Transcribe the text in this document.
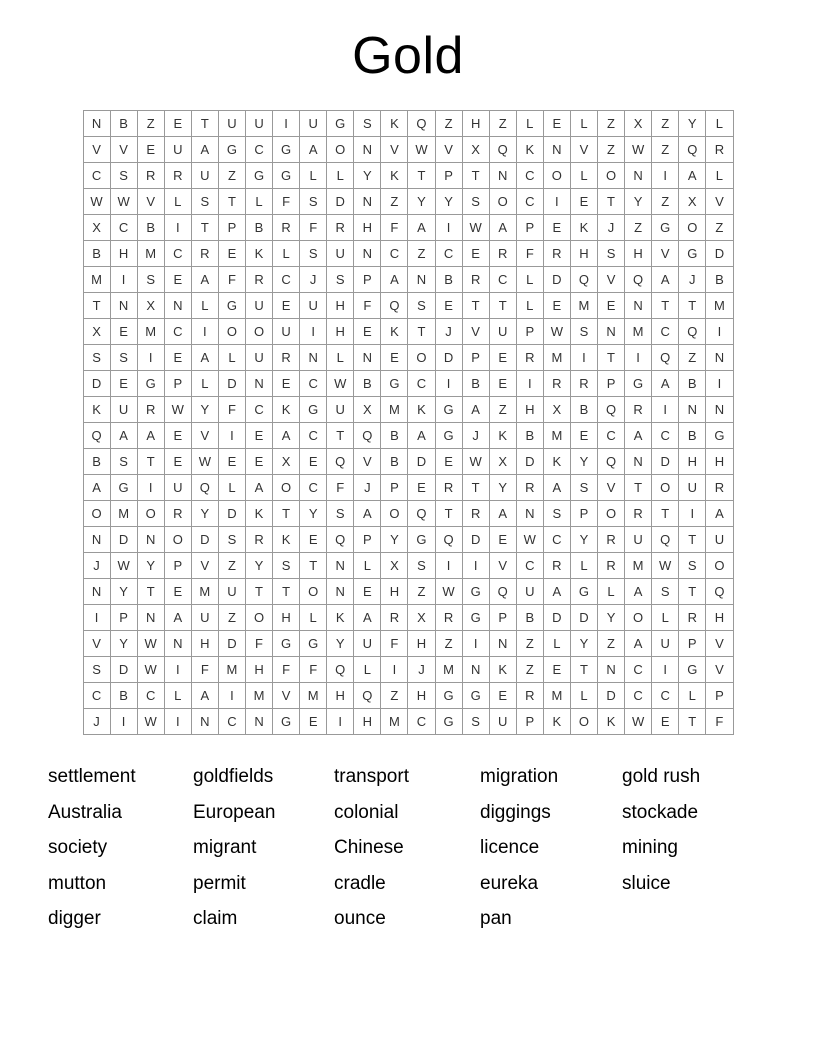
Gold
N	B	Z	E	T	U	U	I	U	G	S	K	Q	Z	H	Z	L	E	L	Z	X	Z	Y	L
V	V	E	U	A	G	C	G	A	O	N	V	W	V	X	Q	K	N	V	Z	W	Z	Q	R
C	S	R	R	U	Z	G	G	L	L	Y	K	T	P	T	N	C	O	L	O	N	I	A	L
W	W	V	L	S	T	L	F	S	D	N	Z	Y	Y	S	O	C	I	E	T	Y	Z	X	V
X	C	B	I	T	P	B	R	F	R	H	F	A	I	W	A	P	E	K	J	Z	G	O	Z
B	H	M	C	R	E	K	L	S	U	N	C	Z	C	E	R	F	R	H	S	H	V	G	D
M	I	S	E	A	F	R	C	J	S	P	A	N	B	R	C	L	D	Q	V	Q	A	J	B
T	N	X	N	L	G	U	E	U	H	F	Q	S	E	T	T	L	E	M	E	N	T	T	M
X	E	M	C	I	O	O	U	I	H	E	K	T	J	V	U	P	W	S	N	M	C	Q	I
S	S	I	E	A	L	U	R	N	L	N	E	O	D	P	E	R	M	I	T	I	Q	Z	N
D	E	G	P	L	D	N	E	C	W	B	G	C	I	B	E	I	R	R	P	G	A	B	I
K	U	R	W	Y	F	C	K	G	U	X	M	K	G	A	Z	H	X	B	Q	R	I	N	N
Q	A	A	E	V	I	E	A	C	T	Q	B	A	G	J	K	B	M	E	C	A	C	B	G
B	S	T	E	W	E	E	X	E	Q	V	B	D	E	W	X	D	K	Y	Q	N	D	H	H
A	G	I	U	Q	L	A	O	C	F	J	P	E	R	T	Y	R	A	S	V	T	O	U	R
O	M	O	R	Y	D	K	T	Y	S	A	O	Q	T	R	A	N	S	P	O	R	T	I	A
N	D	N	O	D	S	R	K	E	Q	P	Y	G	Q	D	E	W	C	Y	R	U	Q	T	U
J	W	Y	P	V	Z	Y	S	T	N	L	X	S	I	I	V	C	R	L	R	M	W	S	O
N	Y	T	E	M	U	T	T	O	N	E	H	Z	W	G	Q	U	A	G	L	A	S	T	Q
I	P	N	A	U	Z	O	H	L	K	A	R	X	R	G	P	B	D	D	Y	O	L	R	H
V	Y	W	N	H	D	F	G	G	Y	U	F	H	Z	I	N	Z	L	Y	Z	A	U	P	V
S	D	W	I	F	M	H	F	F	Q	L	I	J	M	N	K	Z	E	T	N	C	I	G	V
C	B	C	L	A	I	M	V	M	H	Q	Z	H	G	G	E	R	M	L	D	C	C	L	P
J	I	W	I	N	C	N	G	E	I	H	M	C	G	S	U	P	K	O	K	W	E	T	F
settlement
Australia
society
mutton
digger
goldfields
European
migrant
permit
claim
transport
colonial
Chinese
cradle
ounce
migration
diggings
licence
eureka
pan
gold rush
stockade
mining
sluice
